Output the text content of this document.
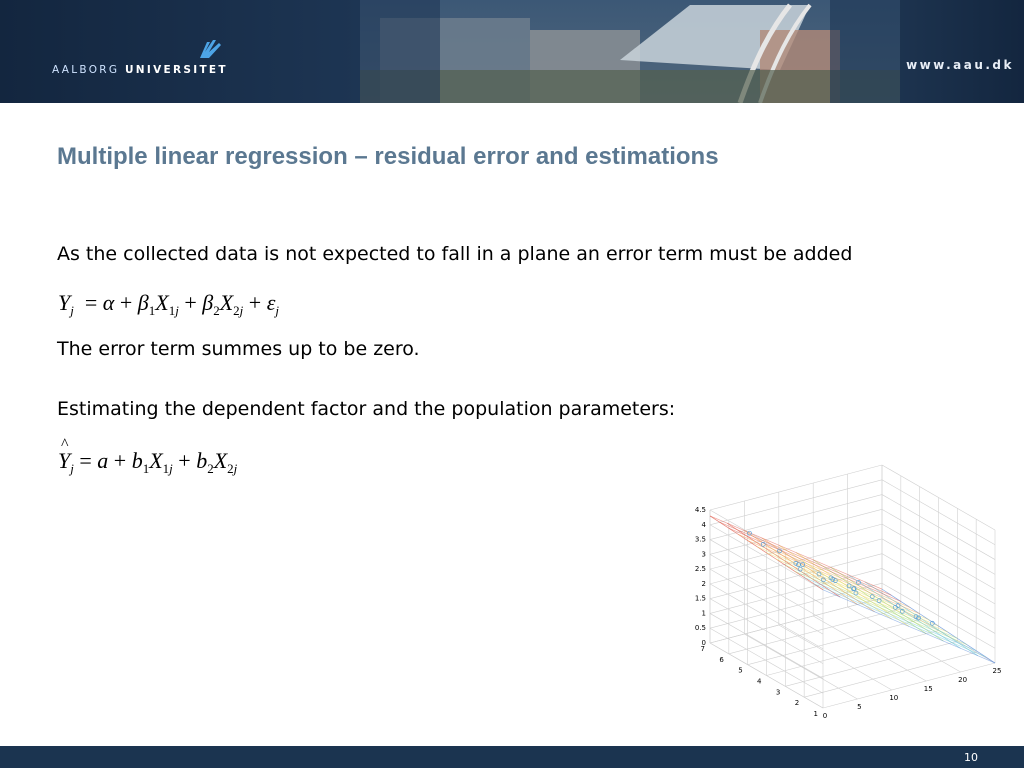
AALBORG UNIVERSITET	www.aau.dk
Multiple linear regression – residual error and estimations
As the collected data is not expected to fall in a plane an error term must be added
$Y_j = \alpha + \beta_1X_{1j} + \beta_2X_{2j} + \varepsilon_j$
The error term summes up to be zero.
Estimating the dependent factor and the population parameters:
^ $Y_j = a + b_1X_{1j} + b_2X_{2j}$
0
0.5
1
1.5
2
2.5
3
3.5
4
4.5
1
2
3
4
5
6
7
0
5
10
15
20
25
10
